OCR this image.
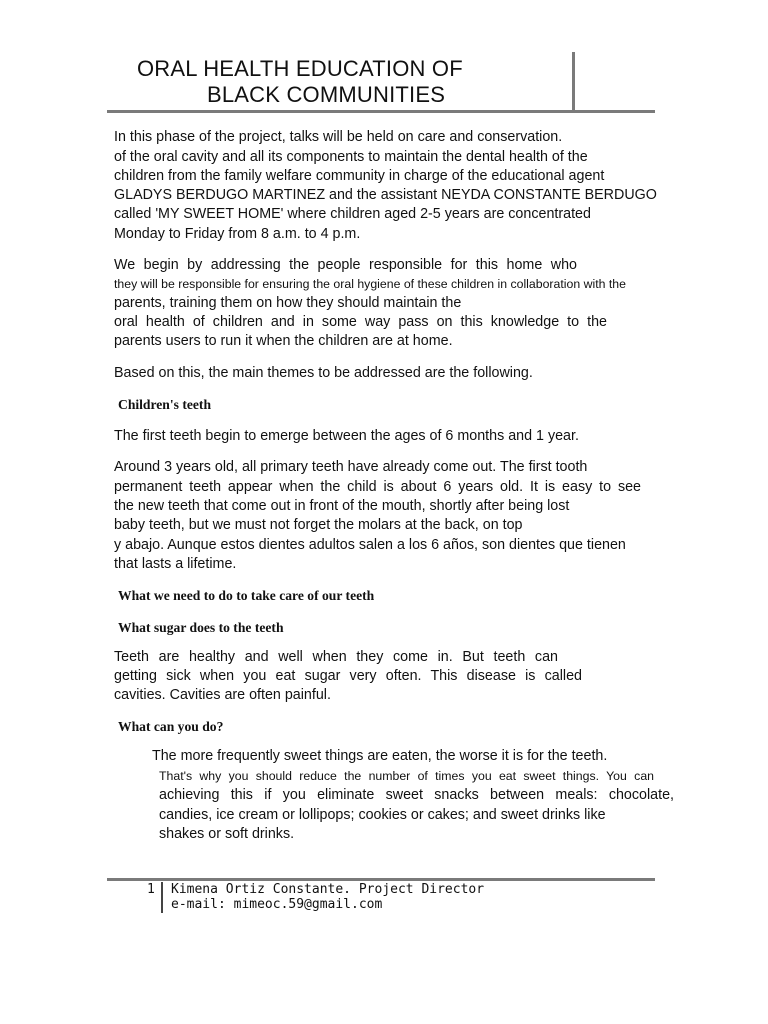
ORAL HEALTH EDUCATION OF
BLACK COMMUNITIES
In this phase of the project, talks will be held on care and conservation.
of the oral cavity and all its components to maintain the dental health of the
children from the family welfare community in charge of the educational agent
GLADYS BERDUGO MARTINEZ and the assistant NEYDA CONSTANTE BERDUGO
called 'MY SWEET HOME' where children aged 2-5 years are concentrated
Monday to Friday from 8 a.m. to 4 p.m.
We begin by addressing the people responsible for this home who
they will be responsible for ensuring the oral hygiene of these children in collaboration with the
parents, training them on how they should maintain the
oral health of children and in some way pass on this knowledge to the
parents users to run it when the children are at home.
Based on this, the main themes to be addressed are the following.
Children's teeth
The first teeth begin to emerge between the ages of 6 months and 1 year.
Around 3 years old, all primary teeth have already come out. The first tooth
permanent teeth appear when the child is about 6 years old. It is easy to see
the new teeth that come out in front of the mouth, shortly after being lost
baby teeth, but we must not forget the molars at the back, on top
y abajo. Aunque estos dientes adultos salen a los 6 años, son dientes que tienen
that lasts a lifetime.
What we need to do to take care of our teeth
What sugar does to the teeth
Teeth are healthy and well when they come in. But teeth can
getting sick when you eat sugar very often. This disease is called
cavities. Cavities are often painful.
What can you do?
The more frequently sweet things are eaten, the worse it is for the teeth.
That's why you should reduce the number of times you eat sweet things. You can
achieving this if you eliminate sweet snacks between meals: chocolate,
candies, ice cream or lollipops; cookies or cakes; and sweet drinks like
shakes or soft drinks.
1 Kimena Ortiz Constante. Project Director
e-mail: mimeoc.59@gmail.com
